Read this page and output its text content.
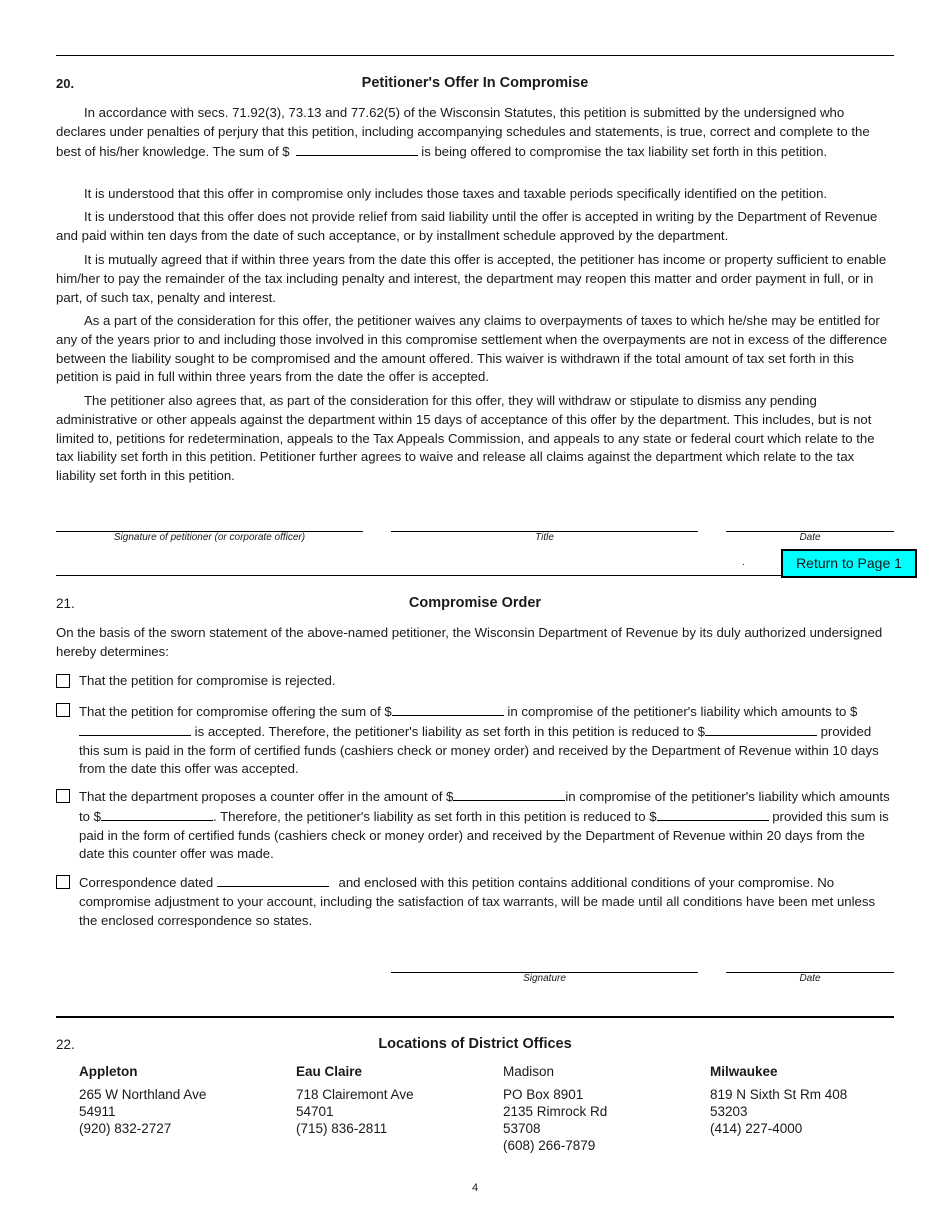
20.	Petitioner's Offer In Compromise

In accordance with secs. 71.92(3), 73.13 and 77.62(5) of the Wisconsin Statutes, this petition is submitted by the undersigned who declares under penalties of perjury that this petition, including accompanying schedules and statements, is true, correct and complete to the best of his/her knowledge. The sum of $	is being offered to compromise the tax liability set forth in this petition.

It is understood that this offer in compromise only includes those taxes and taxable periods specifically identified on the petition.

It is understood that this offer does not provide relief from said liability until the offer is accepted in writing by the Department of Revenue and paid within ten days from the date of such acceptance, or by installment schedule approved by the department.

It is mutually agreed that if within three years from the date this offer is accepted, the petitioner has income or property sufficient to enable him/her to pay the remainder of the tax including penalty and interest, the department may reopen this matter and order payment in full, or in part, of such tax, penalty and interest.

As a part of the consideration for this offer, the petitioner waives any claims to overpayments of taxes to which he/she may be entitled for any of the years prior to and including those involved in this compromise settlement when the overpayments are not in excess of the difference between the liability sought to be compromised and the amount offered. This waiver is withdrawn if the total amount of tax set forth in this petition is paid in full within three years from the date the offer is accepted.

The petitioner also agrees that, as part of the consideration for this offer, they will withdraw or stipulate to dismiss any pending administrative or other appeals against the department within 15 days of acceptance of this offer by the department. This includes, but is not limited to, petitions for redetermination, appeals to the Tax Appeals Commission, and appeals to any state or federal court which relate to the tax liability set forth in this petition. Petitioner further agrees to waive and release all claims against the department which relate to the tax liability set forth in this petition.

Signature of petitioner (or corporate officer)	Title	Date
.	Return to Page 1
21.	Compromise Order

On the basis of the sworn statement of the above-named petitioner, the Wisconsin Department of Revenue by its duly authorized undersigned hereby determines:

That the petition for compromise is rejected.

That the petition for compromise offering the sum of $	in compromise of the petitioner's liability which amounts to $ is accepted. Therefore, the petitioner's liability as set forth in this petition is reduced to $	provided this sum is paid in the form of certified funds (cashiers check or money order) and received by the Department of Revenue within 10 days from the date this offer was accepted.

That the department proposes a counter offer in the amount of $	in compromise of the petitioner's liability which amounts to $	. Therefore, the petitioner's liability as set forth in this petition is reduced to $	provided this sum is paid in the form of certified funds (cashiers check or money order) and received by the Department of Revenue within 20 days from the date this counter offer was made.

Correspondence dated	and enclosed with this petition contains additional conditions of your compromise. No compromise adjustment to your account, including the satisfaction of tax warrants, will be made until all conditions have been met unless the enclosed correspondence so states.

Signature	Date
22.	Locations of District Offices
Appleton
265 W Northland Ave
54911
(920) 832-2727
Eau Claire
718 Clairemont Ave
54701
(715) 836-2811
Madison
PO Box 8901
2135 Rimrock Rd
53708
(608) 266-7879
Milwaukee
819 N Sixth St Rm 408
53203
(414) 227-4000
4
